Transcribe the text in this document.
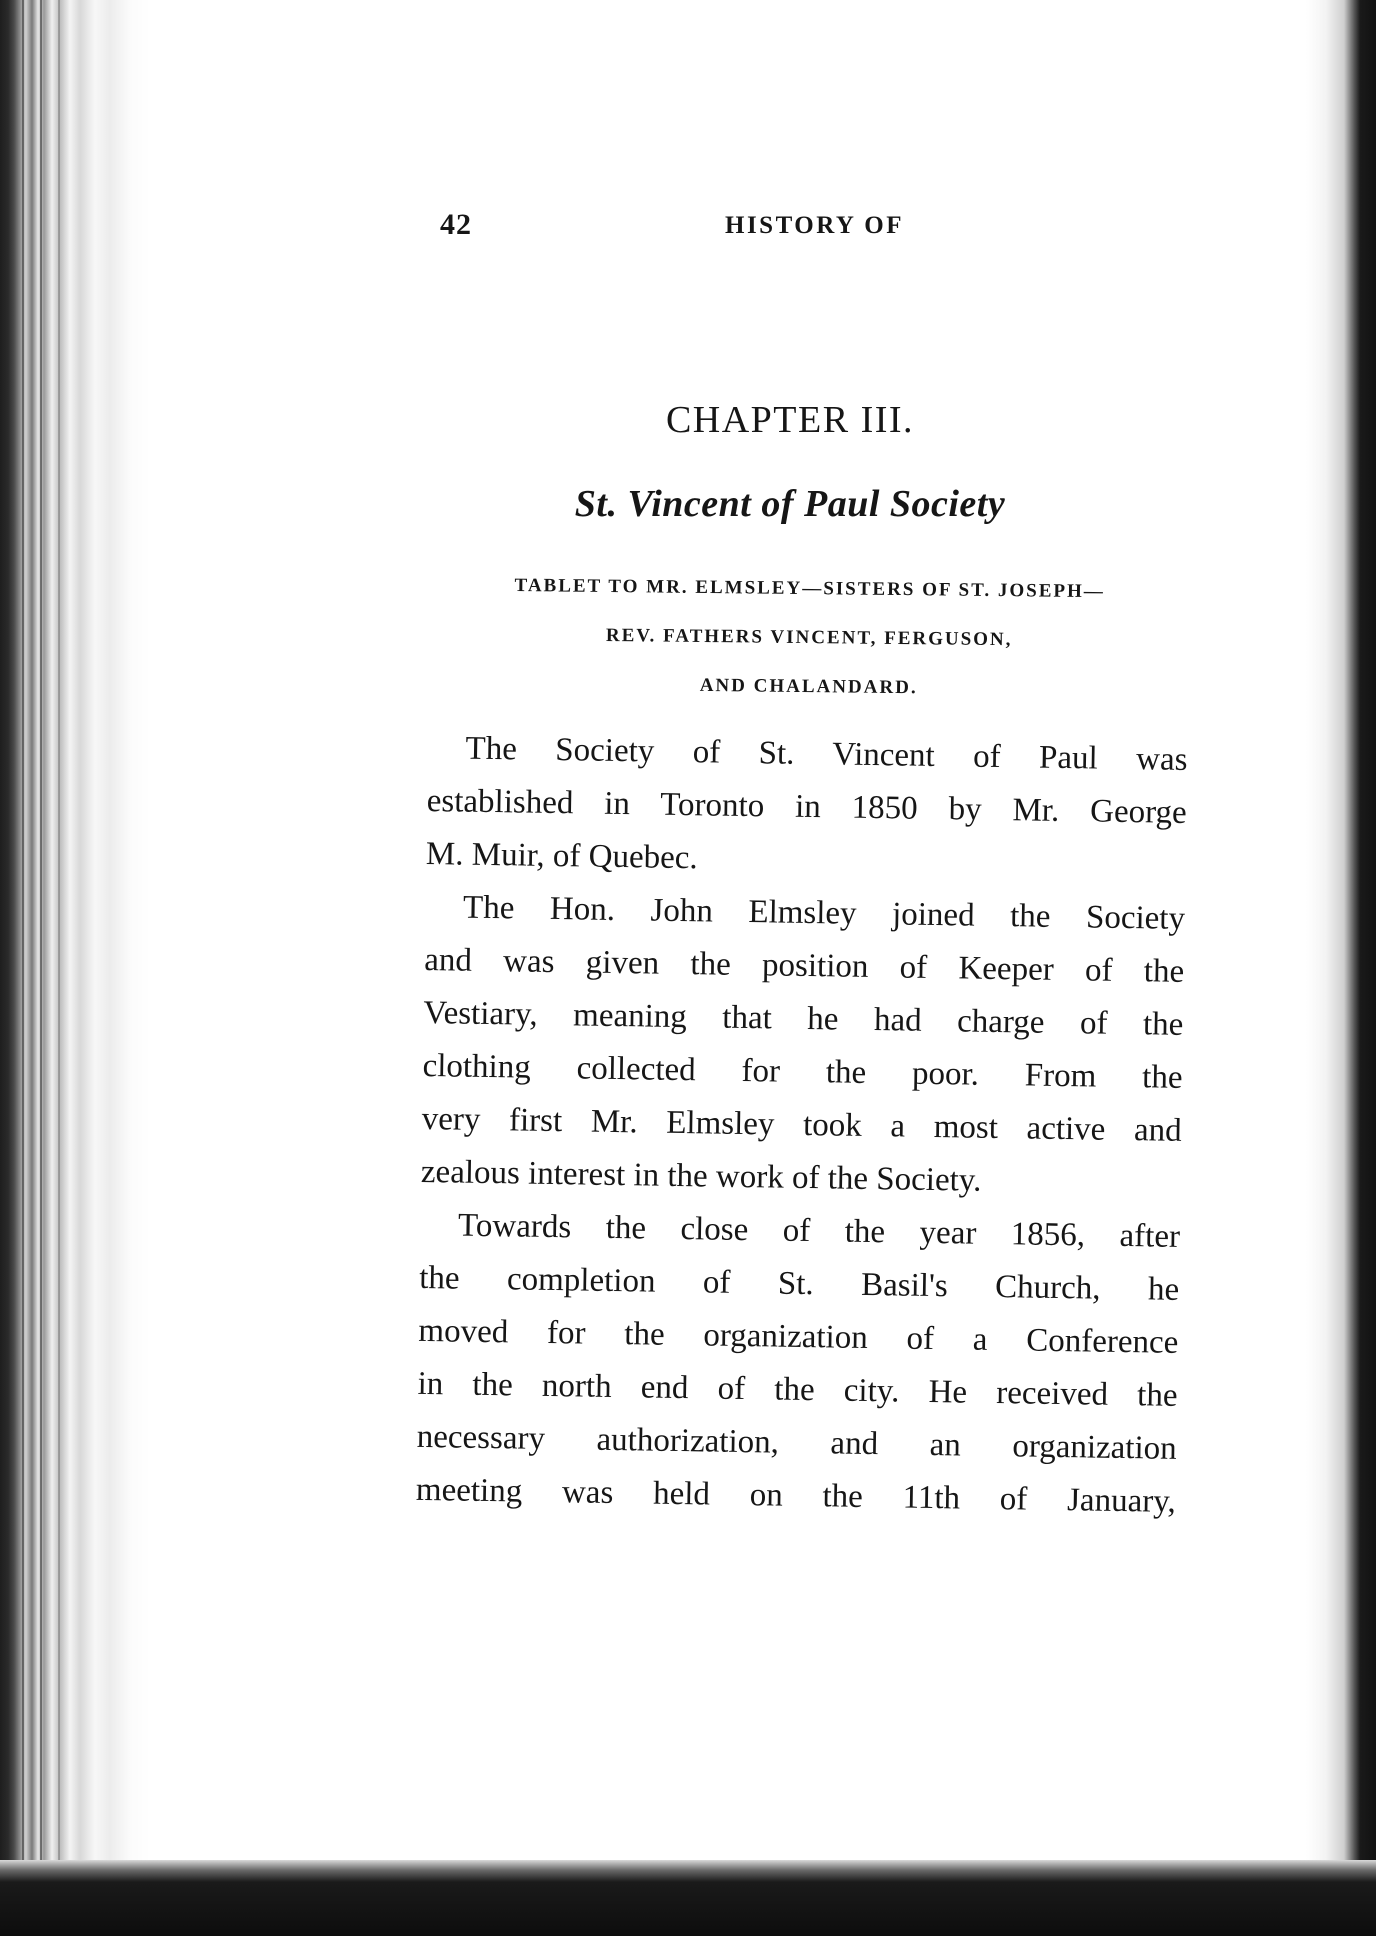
42	HISTORY OF
CHAPTER III.
St. Vincent of Paul Society
TABLET TO MR. ELMSLEY—SISTERS OF ST. JOSEPH—
REV. FATHERS VINCENT, FERGUSON,
AND CHALANDARD.
The Society of St. Vincent of Paul was
established in Toronto in 1850 by Mr. George
M. Muir, of Quebec.
The Hon. John Elmsley joined the Society
and was given the position of Keeper of the
Vestiary, meaning that he had charge of the
clothing collected for the poor. From the
very first Mr. Elmsley took a most active and
zealous interest in the work of the Society.
Towards the close of the year 1856, after
the completion of St. Basil's Church, he
moved for the organization of a Conference
in the north end of the city. He received the
necessary authorization, and an organization
meeting was held on the 11th of January,
